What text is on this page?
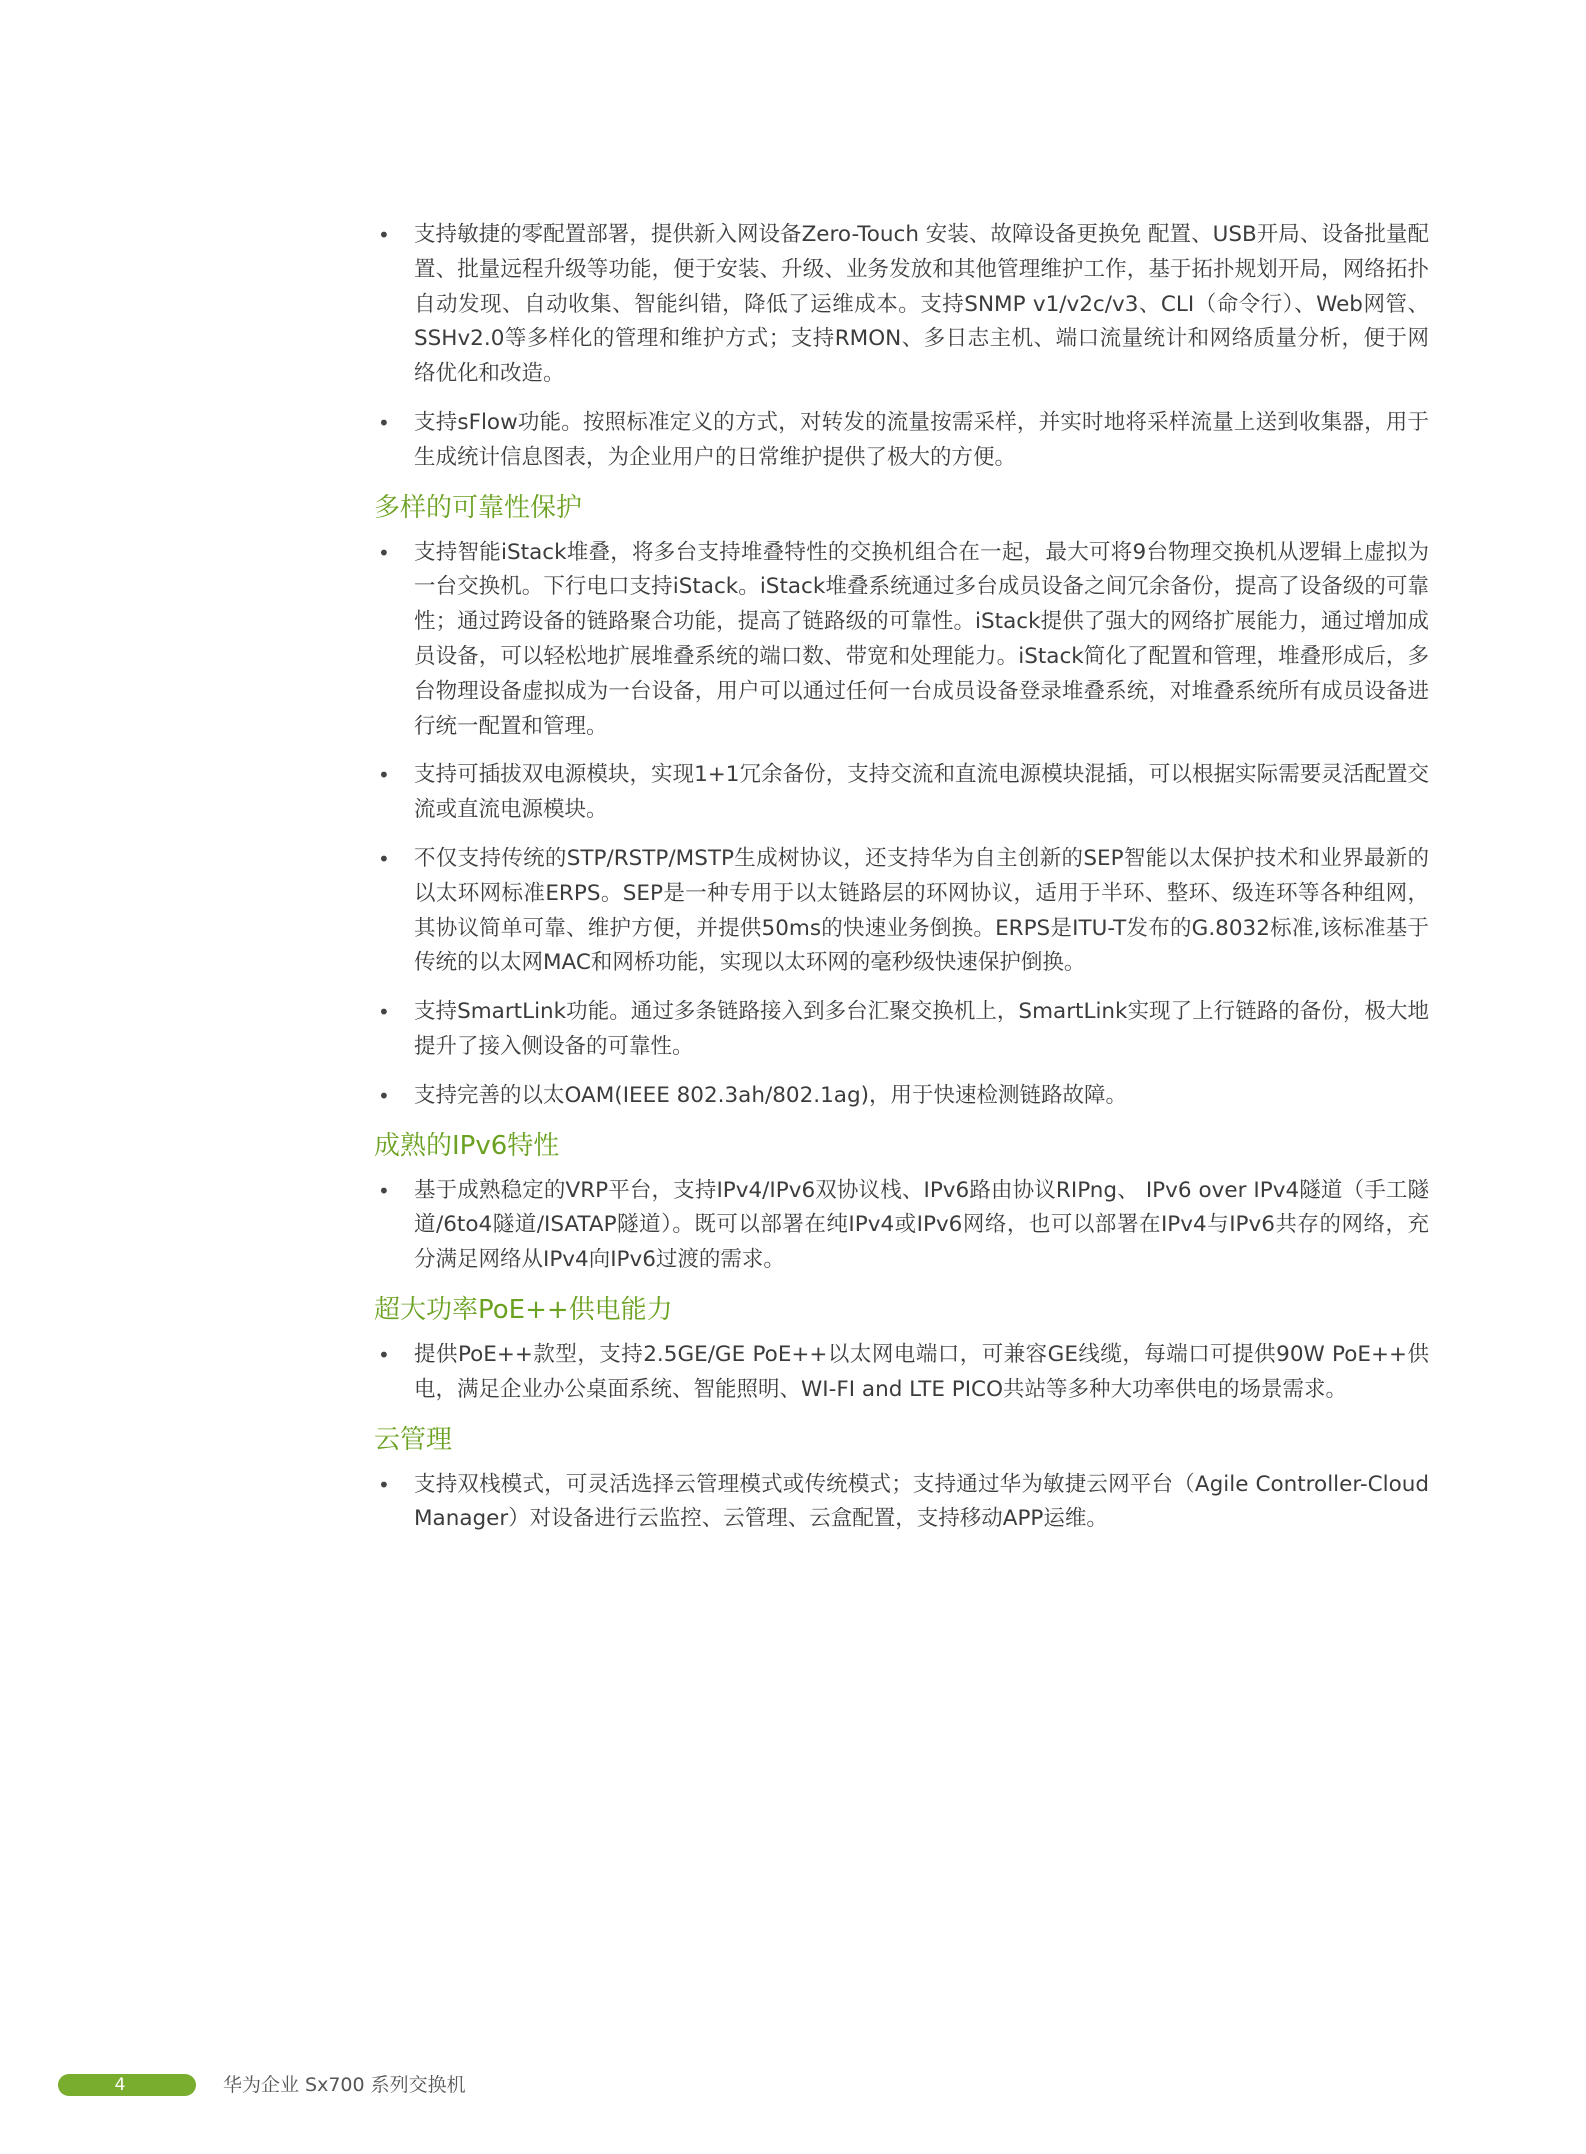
• 支持敏捷的零配置部署，提供新入网设备Zero-Touch 安装、故障设备更换免 配置、USB开局、设备批量配置、批量远程升级等功能，便于安装、升级、业务发放和其他管理维护工作，基于拓扑规划开局，网络拓扑自动发现、自动收集、智能纠错，降低了运维成本。支持SNMP v1/v2c/v3、CLI（命令行）、Web网管、SSHv2.0等多样化的管理和维护方式；支持RMON、多日志主机、端口流量统计和网络质量分析，便于网络优化和改造。
• 支持sFlow功能。按照标准定义的方式，对转发的流量按需采样，并实时地将采样流量上送到收集器，用于生成统计信息图表，为企业用户的日常维护提供了极大的方便。
多样的可靠性保护
• 支持智能iStack堆叠，将多台支持堆叠特性的交换机组合在一起，最大可将9台物理交换机从逻辑上虚拟为一台交换机。下行电口支持iStack。iStack堆叠系统通过多台成员设备之间冗余备份，提高了设备级的可靠性；通过跨设备的链路聚合功能，提高了链路级的可靠性。iStack提供了强大的网络扩展能力，通过增加成员设备，可以轻松地扩展堆叠系统的端口数、带宽和处理能力。iStack简化了配置和管理，堆叠形成后，多台物理设备虚拟成为一台设备，用户可以通过任何一台成员设备登录堆叠系统，对堆叠系统所有成员设备进行统一配置和管理。
• 支持可插拔双电源模块，实现1+1冗余备份，支持交流和直流电源模块混插，可以根据实际需要灵活配置交流或直流电源模块。
• 不仅支持传统的STP/RSTP/MSTP生成树协议，还支持华为自主创新的SEP智能以太保护技术和业界最新的以太环网标准ERPS。SEP是一种专用于以太链路层的环网协议，适用于半环、整环、级连环等各种组网，其协议简单可靠、维护方便，并提供50ms的快速业务倒换。ERPS是ITU-T发布的G.8032标准,该标准基于传统的以太网MAC和网桥功能，实现以太环网的毫秒级快速保护倒换。
• 支持SmartLink功能。通过多条链路接入到多台汇聚交换机上，SmartLink实现了上行链路的备份，极大地提升了接入侧设备的可靠性。
• 支持完善的以太OAM(IEEE 802.3ah/802.1ag)，用于快速检测链路故障。
成熟的IPv6特性
• 基于成熟稳定的VRP平台，支持IPv4/IPv6双协议栈、IPv6路由协议RIPng、 IPv6 over IPv4隧道（手工隧道/6to4隧道/ISATAP隧道）。既可以部署在纯IPv4或IPv6网络，也可以部署在IPv4与IPv6共存的网络，充分满足网络从IPv4向IPv6过渡的需求。
超大功率PoE++供电能力
• 提供PoE++款型，支持2.5GE/GE PoE++以太网电端口，可兼容GE线缆，每端口可提供90W PoE++供电，满足企业办公桌面系统、智能照明、WI-FI and LTE PICO共站等多种大功率供电的场景需求。
云管理
• 支持双栈模式，可灵活选择云管理模式或传统模式；支持通过华为敏捷云网平台（Agile Controller-Cloud Manager）对设备进行云监控、云管理、云盒配置，支持移动APP运维。
4	华为企业 Sx700 系列交换机
